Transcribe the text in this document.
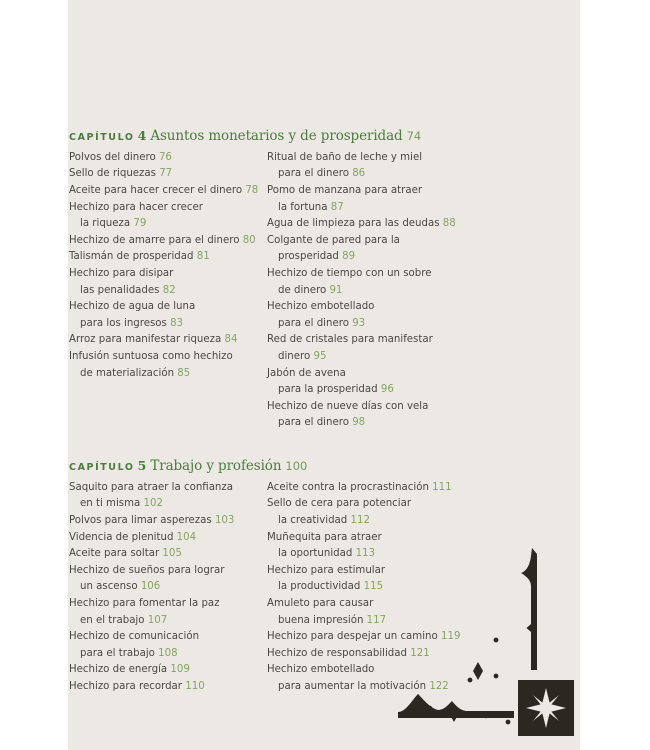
CAPÍTULO 4 Asuntos monetarios y de prosperidad 74
Polvos del dinero 76
Sello de riquezas 77
Aceite para hacer crecer el dinero 78
Hechizo para hacer crecer
la riqueza 79
Hechizo de amarre para el dinero 80
Talismán de prosperidad 81
Hechizo para disipar
las penalidades 82
Hechizo de agua de luna
para los ingresos 83
Arroz para manifestar riqueza 84
Infusión suntuosa como hechizo
de materialización 85
Ritual de baño de leche y miel
para el dinero 86
Pomo de manzana para atraer
la fortuna 87
Agua de limpieza para las deudas 88
Colgante de pared para la
prosperidad 89
Hechizo de tiempo con un sobre
de dinero 91
Hechizo embotellado
para el dinero 93
Red de cristales para manifestar
dinero 95
Jabón de avena
para la prosperidad 96
Hechizo de nueve días con vela
para el dinero 98
CAPÍTULO 5 Trabajo y profesión 100
Saquito para atraer la confianza
en ti misma 102
Polvos para limar asperezas 103
Videncia de plenitud 104
Aceite para soltar 105
Hechizo de sueños para lograr
un ascenso 106
Hechizo para fomentar la paz
en el trabajo 107
Hechizo de comunicación
para el trabajo 108
Hechizo de energía 109
Hechizo para recordar 110
Aceite contra la procrastinación 111
Sello de cera para potenciar
la creatividad 112
Muñequita para atraer
la oportunidad 113
Hechizo para estimular
la productividad 115
Amuleto para causar
buena impresión 117
Hechizo para despejar un camino 119
Hechizo de responsabilidad 121
Hechizo embotellado
para aumentar la motivación 122
